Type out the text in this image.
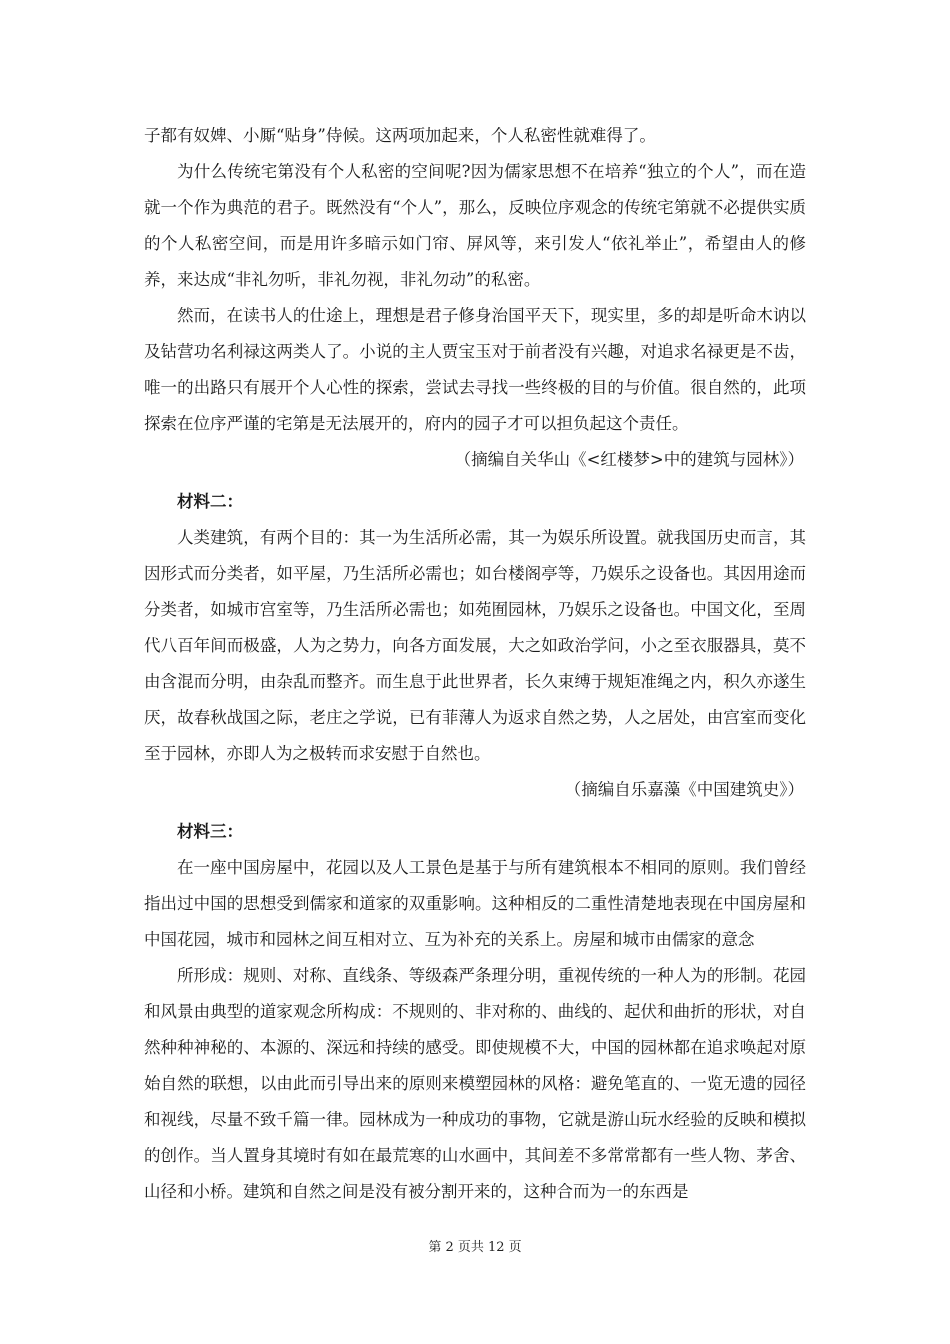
子都有奴婢、小厮“贴身”侍候。这两项加起来，个人私密性就难得了。

为什么传统宅第没有个人私密的空间呢?因为儒家思想不在培养“独立的个人”，而在造就一个作为典范的君子。既然没有“个人”，那么，反映位序观念的传统宅第就不必提供实质的个人私密空间，而是用许多暗示如门帘、屏风等，来引发人“依礼举止”，希望由人的修养，来达成“非礼勿听，非礼勿视，非礼勿动”的私密。

然而，在读书人的仕途上，理想是君子修身治国平天下，现实里，多的却是听命木讷以及钻营功名利禄这两类人了。小说的主人贾宝玉对于前者没有兴趣，对追求名禄更是不齿，唯一的出路只有展开个人心性的探索，尝试去寻找一些终极的目的与价值。很自然的，此项探索在位序严谨的宅第是无法展开的，府内的园子才可以担负起这个责任。

（摘编自关华山《<红楼梦>中的建筑与园林》）

材料二：

人类建筑，有两个目的：其一为生活所必需，其一为娱乐所设置。就我国历史而言，其因形式而分类者，如平屋，乃生活所必需也；如台楼阁亭等，乃娱乐之设备也。其因用途而分类者，如城市宫室等，乃生活所必需也；如苑囿园林，乃娱乐之设备也。中国文化，至周代八百年间而极盛，人为之势力，向各方面发展，大之如政治学问，小之至衣服器具，莫不由含混而分明，由杂乱而整齐。而生息于此世界者，长久束缚于规矩准绳之内，积久亦遂生厌，故春秋战国之际，老庄之学说，已有菲薄人为返求自然之势，人之居处，由宫室而变化至于园林，亦即人为之极转而求安慰于自然也。

（摘编自乐嘉藻《中国建筑史》）

材料三：

在一座中国房屋中，花园以及人工景色是基于与所有建筑根本不相同的原则。我们曾经指出过中国的思想受到儒家和道家的双重影响。这种相反的二重性清楚地表现在中国房屋和中国花园，城市和园林之间互相对立、互为补充的关系上。房屋和城市由儒家的意念

所形成：规则、对称、直线条、等级森严条理分明，重视传统的一种人为的形制。花园和风景由典型的道家观念所构成：不规则的、非对称的、曲线的、起伏和曲折的形状，对自然种种神秘的、本源的、深远和持续的感受。即使规模不大，中国的园林都在追求唤起对原始自然的联想，以由此而引导出来的原则来模塑园林的风格：避免笔直的、一览无遗的园径和视线，尽量不致千篇一律。园林成为一种成功的事物，它就是游山玩水经验的反映和模拟的创作。当人置身其境时有如在最荒寒的山水画中，其间差不多常常都有一些人物、茅舍、山径和小桥。建筑和自然之间是没有被分割开来的，这种合而为一的东西是

第 2 页共 12 页
